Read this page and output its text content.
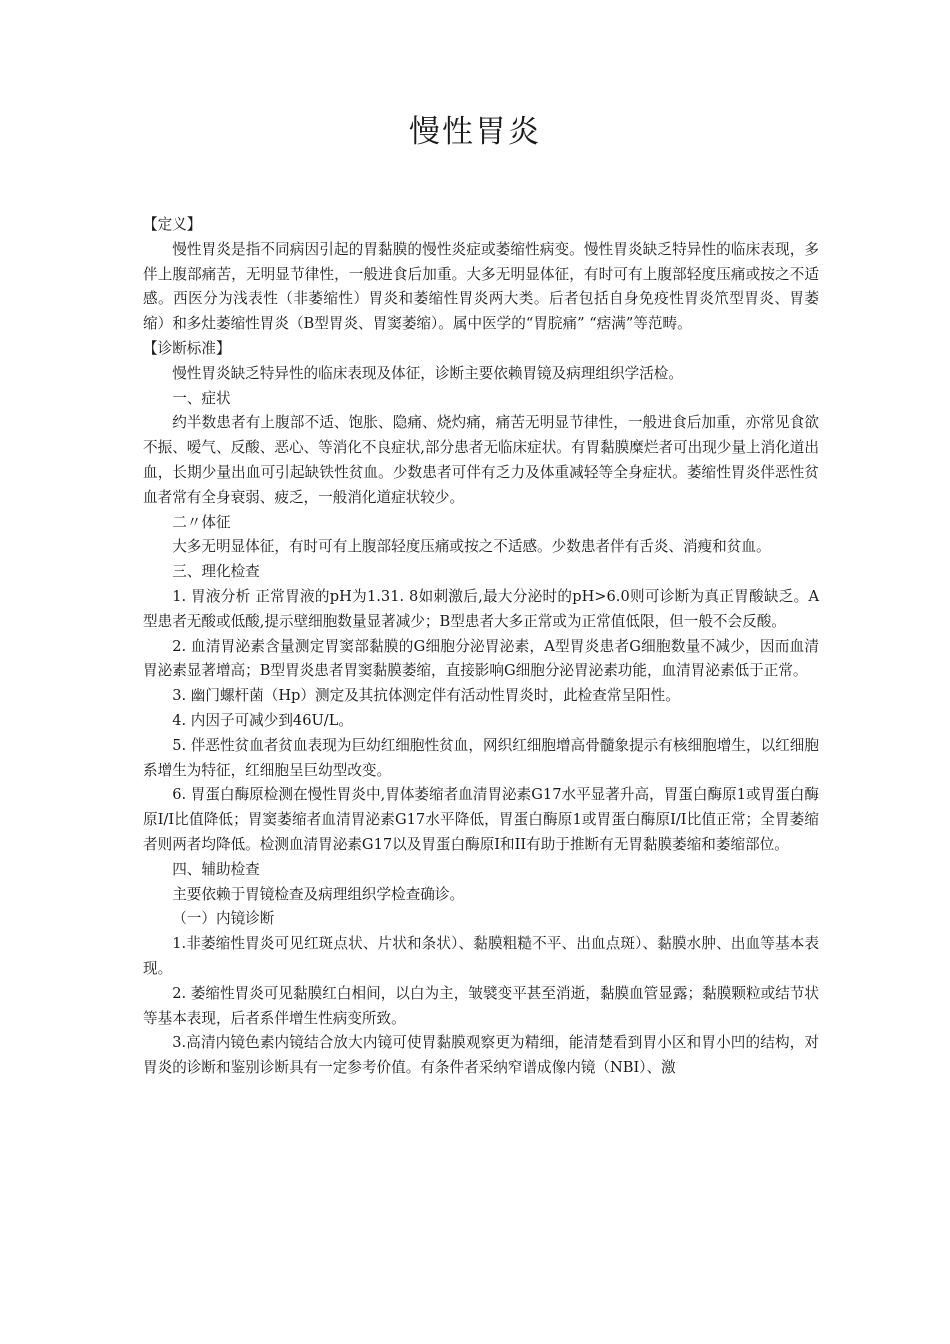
慢性胃炎

【定义】

慢性胃炎是指不同病因引起的胃黏膜的慢性炎症或萎缩性病变。慢性胃炎缺乏特异性的临床表现，多伴上腹部痛苦，无明显节律性，一般进食后加重。大多无明显体征，有时可有上腹部轻度压痛或按之不适感。西医分为浅表性（非萎缩性）胃炎和萎缩性胃炎两大类。后者包括自身免疫性胃炎笊型胃炎、胃萎缩）和多灶萎缩性胃炎（B型胃炎、胃窦萎缩）。属中医学的“胃脘痛” “痞满”等范畴。

【诊断标准】

慢性胃炎缺乏特异性的临床表现及体征，诊断主要依赖胃镜及病理组织学活检。

一、症状

约半数患者有上腹部不适、饱胀、隐痛、烧灼痛，痛苦无明显节律性，一般进食后加重，亦常见食欲不振、嗳气、反酸、恶心、等消化不良症状,部分患者无临床症状。有胃黏膜糜烂者可出现少量上消化道出血，长期少量出血可引起缺铁性贫血。少数患者可伴有乏力及体重减轻等全身症状。萎缩性胃炎伴恶性贫血者常有全身衰弱、疲乏，一般消化道症状较少。

二〃体征

大多无明显体征，有时可有上腹部轻度压痛或按之不适感。少数患者伴有舌炎、消瘦和贫血。

三、理化检查

1. 胃液分析 正常胃液的pH为1.31. 8如刺激后,最大分泌时的pH>6.0则可诊断为真正胃酸缺乏。A型患者无酸或低酸,提示壁细胞数量显著减少；B型患者大多正常或为正常值低限，但一般不会反酸。

2. 血清胃泌素含量测定胃窦部黏膜的G细胞分泌胃泌素，A型胃炎患者G细胞数量不减少，因而血清胃泌素显著增高；B型胃炎患者胃窦黏膜萎缩，直接影响G细胞分泌胃泌素功能，血清胃泌素低于正常。

3. 幽门螺杆菌（Hp）测定及其抗体测定伴有活动性胃炎时，此检查常呈阳性。

4. 内因子可减少到46U/L。

5. 伴恶性贫血者贫血表现为巨幼红细胞性贫血，网织红细胞增高骨髓象提示有核细胞增生，以红细胞系增生为特征，红细胞呈巨幼型改变。

6. 胃蛋白酶原检测在慢性胃炎中,胃体萎缩者血清胃泌素G17水平显著升高，胃蛋白酶原1或胃蛋白酶原I/I比值降低；胃窦萎缩者血清胃泌素G17水平降低，胃蛋白酶原1或胃蛋白酶原I/I比值正常；全胃萎缩者则两者均降低。检测血清胃泌素G17以及胃蛋白酶原I和II有助于推断有无胃黏膜萎缩和萎缩部位。

四、辅助检查

主要依赖于胃镜检查及病理组织学检查确诊。

（一）内镜诊断

1.非萎缩性胃炎可见红斑点状、片状和条状）、黏膜粗糙不平、出血点斑）、黏膜水肿、出血等基本表现。

2. 萎缩性胃炎可见黏膜红白相间，以白为主，皱襞变平甚至消逝，黏膜血管显露；黏膜颗粒或结节状等基本表现，后者系伴增生性病变所致。

3.高清内镜色素内镜结合放大内镜可使胃黏膜观察更为精细，能清楚看到胃小区和胃小凹的结构，对胃炎的诊断和鉴别诊断具有一定参考价值。有条件者采纳窄谱成像内镜（NBI）、激
